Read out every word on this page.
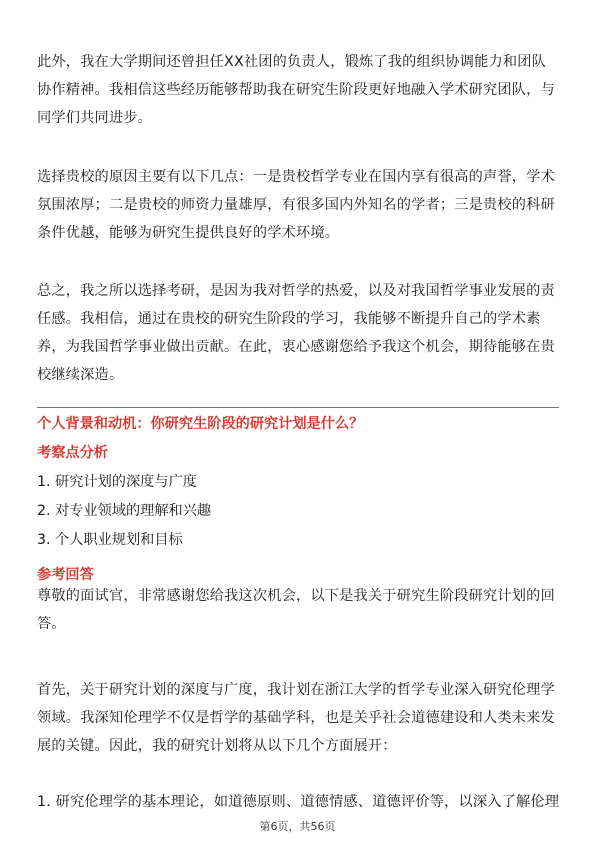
此外，我在大学期间还曾担任XX社团的负责人，锻炼了我的组织协调能力和团队协作精神。我相信这些经历能够帮助我在研究生阶段更好地融入学术研究团队，与同学们共同进步。

选择贵校的原因主要有以下几点：一是贵校哲学专业在国内享有很高的声誉，学术氛围浓厚；二是贵校的师资力量雄厚，有很多国内外知名的学者；三是贵校的科研条件优越，能够为研究生提供良好的学术环境。

总之，我之所以选择考研，是因为我对哲学的热爱，以及对我国哲学事业发展的责任感。我相信，通过在贵校的研究生阶段的学习，我能够不断提升自己的学术素养，为我国哲学事业做出贡献。在此，衷心感谢您给予我这个机会，期待能够在贵校继续深造。

个人背景和动机：你研究生阶段的研究计划是什么？

考察点分析

1. 研究计划的深度与广度

2. 对专业领域的理解和兴趣

3. 个人职业规划和目标

参考回答

尊敬的面试官，非常感谢您给我这次机会，以下是我关于研究生阶段研究计划的回答。

首先，关于研究计划的深度与广度，我计划在浙江大学的哲学专业深入研究伦理学领域。我深知伦理学不仅是哲学的基础学科，也是关乎社会道德建设和人类未来发展的关键。因此，我的研究计划将从以下几个方面展开：

1. 研究伦理学的基本理论，如道德原则、道德情感、道德评价等，以深入了解伦理

第6页，共56页
